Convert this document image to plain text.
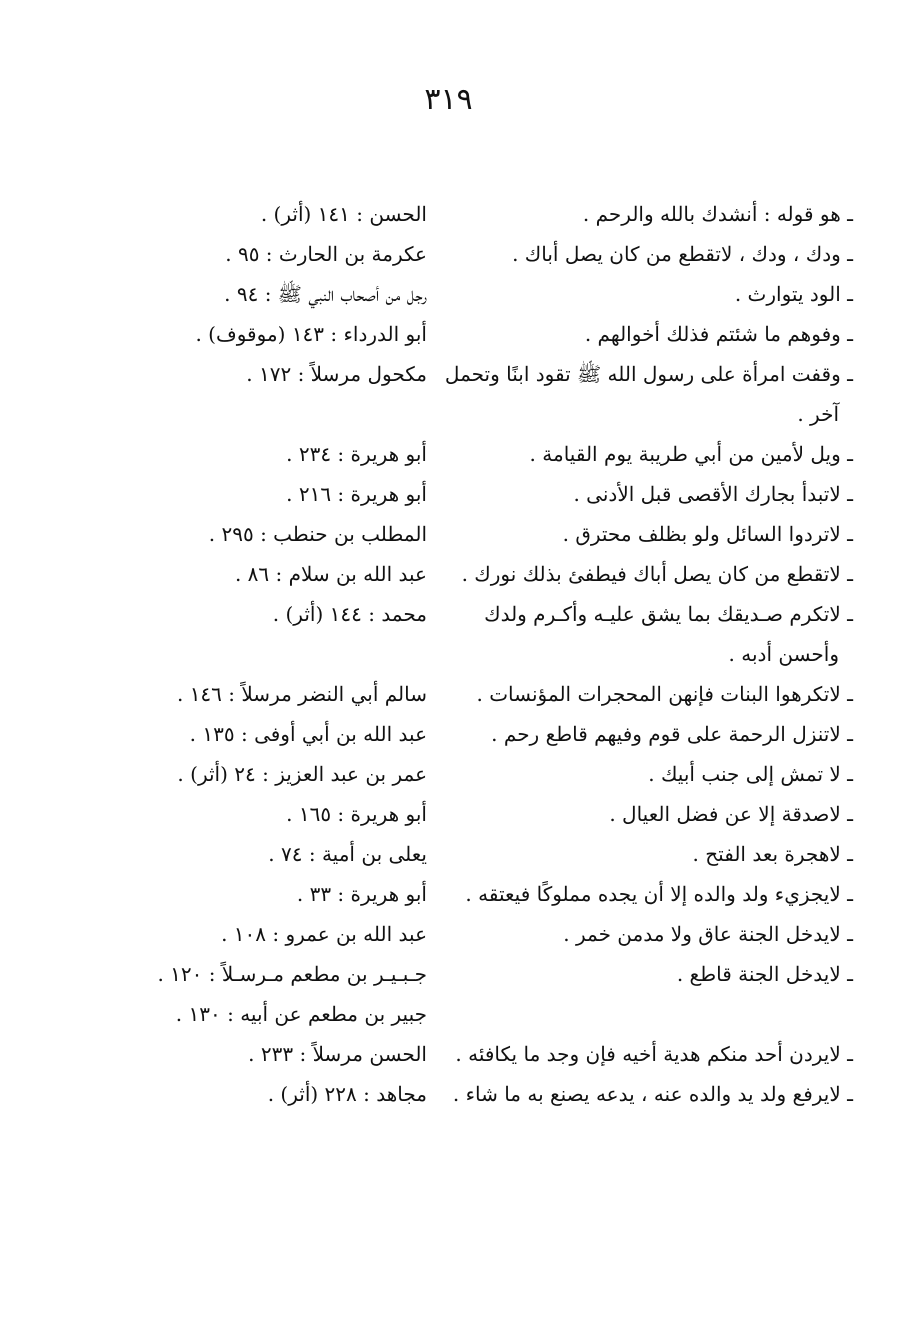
٣١٩
ـ هو قوله : أنشدك بالله والرحم .
الحسن : ١٤١ (أثر) .
ـ ودك ، ودك ، لاتقطع من كان يصل أباك .
عكرمة بن الحارث : ٩٥ .
ـ الود يتوارث .
رجل من أصحاب النبي ﷺ : ٩٤ .
ـ وفوهم ما شئتم فذلك أخوالهم .
أبو الدرداء : ١٤٣ (موقوف) .
ـ وقفت امرأة على رسول الله ﷺ تقود ابنًا وتحمل آخر .
مكحول مرسلاً : ١٧٢ .
ـ ويل لأمين من أبي طريبة يوم القيامة .
أبو هريرة : ٢٣٤ .
ـ لاتبدأ بجارك الأقصى قبل الأدنى .
أبو هريرة : ٢١٦ .
ـ لاتردوا السائل ولو بظلف محترق .
المطلب بن حنطب : ٢٩٥ .
ـ لاتقطع من كان يصل أباك فيطفئ بذلك نورك .
عبد الله بن سلام : ٨٦ .
ـ لاتكرم صـديقك بما يشق عليـه وأكـرم ولدك وأحسن أدبه .
محمد : ١٤٤ (أثر) .
ـ لاتكرهوا البنات فإنهن المحجرات المؤنسات .
سالم أبي النضر مرسلاً : ١٤٦ .
ـ لاتنزل الرحمة على قوم وفيهم قاطع رحم .
عبد الله بن أبي أوفى : ١٣٥ .
ـ لا تمش إلى جنب أبيك .
عمر بن عبد العزيز : ٢٤ (أثر) .
ـ لاصدقة إلا عن فضل العيال .
أبو هريرة : ١٦٥ .
ـ لاهجرة بعد الفتح .
يعلى بن أمية : ٧٤ .
ـ لايجزيء ولد والده إلا أن يجده مملوكًا فيعتقه .
أبو هريرة : ٣٣ .
ـ لايدخل الجنة عاق ولا مدمن خمر .
عبد الله بن عمرو : ١٠٨ .
ـ لايدخل الجنة قاطع .
جـبـيـر بن مطعم مـرسـلاً : ١٢٠ . جبير بن مطعم عن أبيه : ١٣٠ .
ـ لايردن أحد منكم هدية أخيه فإن وجد ما يكافئه .
الحسن مرسلاً : ٢٣٣ .
ـ لايرفع ولد يد والده عنه ، يدعه يصنع به ما شاء .
مجاهد : ٢٢٨ (أثر) .
